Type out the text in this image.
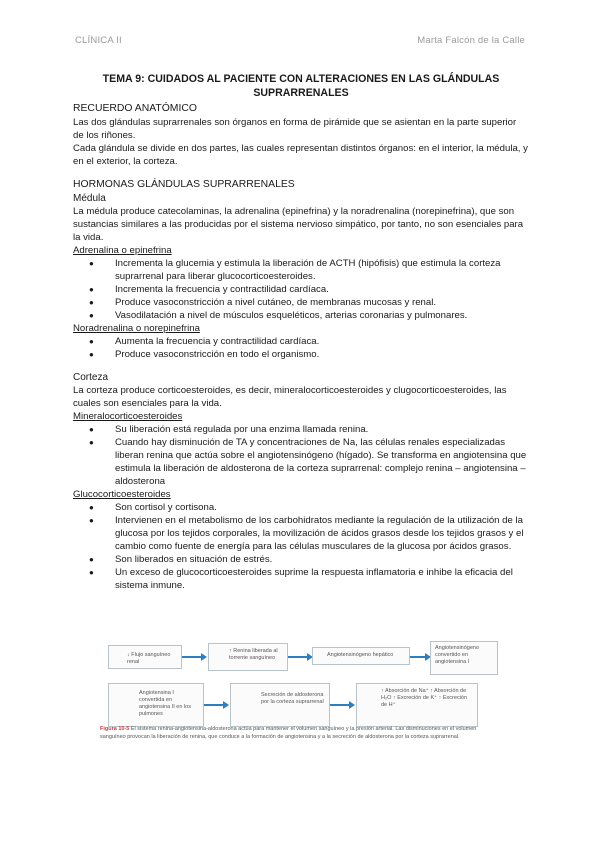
CLÍNICA II	Marta Falcón de la Calle
TEMA 9: CUIDADOS AL PACIENTE CON ALTERACIONES EN LAS GLÁNDULAS
SUPRARRENALES
RECUERDO ANATÓMICO

Las dos glándulas suprarrenales son órganos en forma de pirámide que se asientan en la parte superior de los riñones.

Cada glándula se divide en dos partes, las cuales representan distintos órganos: en el interior, la médula, y en el exterior, la corteza.

HORMONAS GLÁNDULAS SUPRARRENALES
Médula

La médula produce catecolaminas, la adrenalina (epinefrina) y la noradrenalina (norepinefrina), que son sustancias similares a las producidas por el sistema nervioso simpático, por tanto, no son esenciales para la vida.

Adrenalina o epinefrina
● Incrementa la glucemia y estimula la liberación de ACTH (hipófisis) que estimula la corteza suprarrenal para liberar glucocorticoesteroides.
● Incrementa la frecuencia y contractilidad cardíaca.
● Produce vasoconstricción a nivel cutáneo, de membranas mucosas y renal.
● Vasodilatación a nivel de músculos esqueléticos, arterias coronarias y pulmonares.
Noradrenalina o norepinefrina
● Aumenta la frecuencia y contractilidad cardíaca.
● Produce vasoconstricción en todo el organismo.
Corteza

La corteza produce corticoesteroides, es decir, mineralocorticoesteroides y clugocorticoesteroides, las cuales son esenciales para la vida.

Mineralocorticoesteroides
● Su liberación está regulada por una enzima llamada renina.
● Cuando hay disminución de TA y concentraciones de Na, las células renales especializadas liberan renina que actúa sobre el angiotensinógeno (hígado). Se transforma en angiotensina que estimula la liberación de aldosterona de la corteza suprarrenal: complejo renina – angiotensina – aldosterona
Glucocorticoesteroides
● Son cortisol y cortisona.
● Intervienen en el metabolismo de los carbohidratos mediante la regulación de la utilización de la glucosa por los tejidos corporales, la movilización de ácidos grasos desde los tejidos grasos y el cambio como fuente de energía para las células musculares de la glucosa por ácidos grasos.
● Son liberados en situación de estrés.
● Un exceso de glucocorticoesteroides suprime la respuesta inflamatoria e inhibe la eficacia del sistema inmune.
↓ Flujo sanguíneo renal
↑ Renina liberada al torrente sanguíneo	Angiotensinógeno hepático
Angiotensinógeno convertido en angiotensina I
Angiotensina I convertida en angiotensina II en los pulmones
Secreción de aldosterona por la corteza suprarrenal
↑ Absorción de Na⁺ ↑ Absorción de H₂O ↑ Excreción de K⁺ ↑ Excreción de H⁺
Figura 10-5 El sistema renina-angiotensina-aldosterona actúa para mantener el volumen sanguíneo y la presión arterial. Las disminuciones en el volumen sanguíneo provocan la liberación de renina, que conduce a la formación de angiotensina y a la secreción de aldosterona por la corteza suprarrenal.
